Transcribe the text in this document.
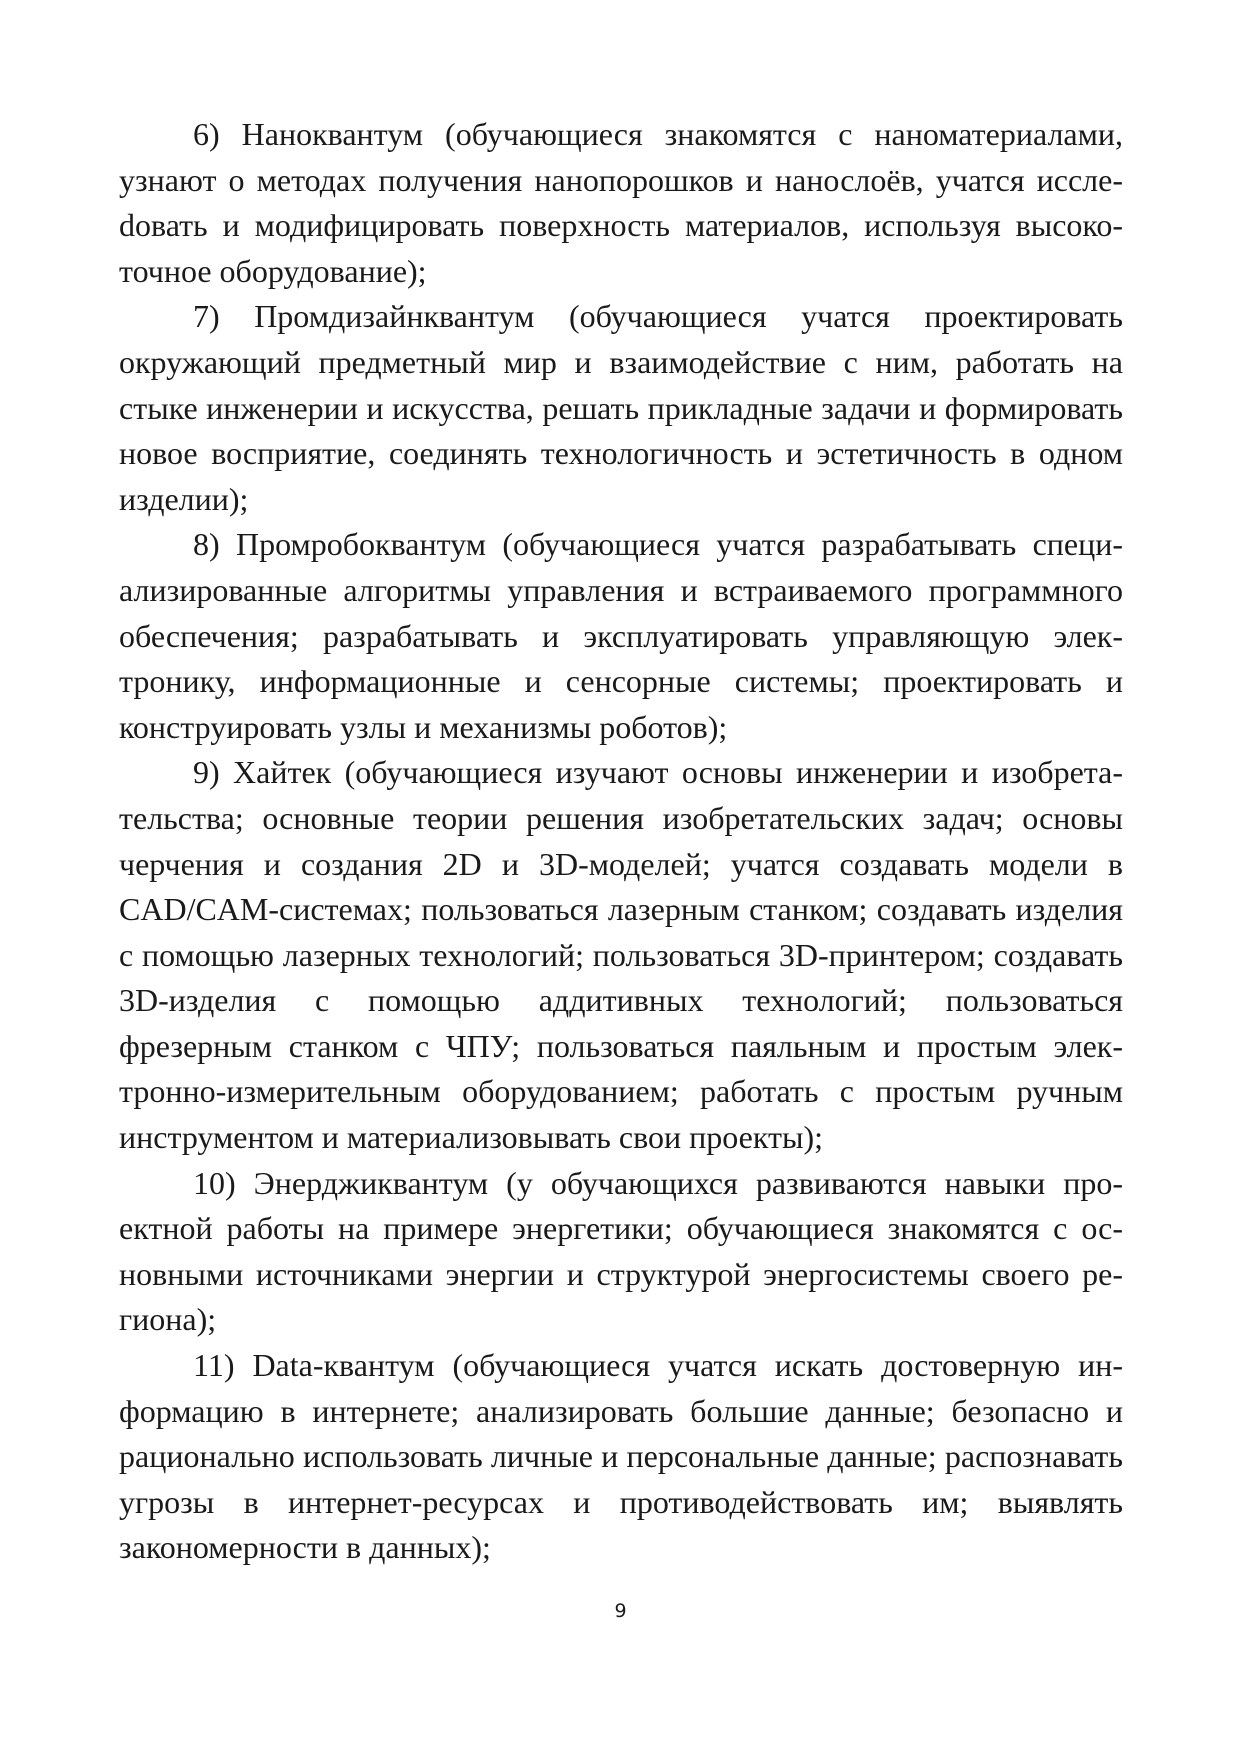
6) Наноквантум (обучающиеся знакомятся с наноматериалами, узнают о методах получения нанопорошков и нанослоёв, учатся исслеdовать и модифицировать поверхность материалов, используя высокоточное оборудование);

7) Промдизайнквантум (обучающиеся учатся проектировать окружающий предметный мир и взаимодействие с ним, работать на стыке инженерии и искусства, решать прикладные задачи и формировать новое восприятие, соединять технологичность и эстетичность в одном изделии);

8) Промробоквантум (обучающиеся учатся разрабатывать специализированные алгоритмы управления и встраиваемого программного обеспечения; разрабатывать и эксплуатировать управляющую электронику, информационные и сенсорные системы; проектировать и конструировать узлы и механизмы роботов);

9) Хайтек (обучающиеся изучают основы инженерии и изобретательства; основные теории решения изобретательских задач; основы черчения и создания 2D и 3D-моделей; учатся создавать модели в CAD/CAM-системах; пользоваться лазерным станком; создавать изделия с помощью лазерных технологий; пользоваться 3D-принтером; создавать 3D-изделия с помощью аддитивных технологий; пользоваться фрезерным станком с ЧПУ; пользоваться паяльным и простым электронно-измерительным оборудованием; работать с простым ручным инструментом и материализовывать свои проекты);

10) Энерджиквантум (у обучающихся развиваются навыки проектной работы на примере энергетики; обучающиеся знакомятся с основными источниками энергии и структурой энергосистемы своего региона);

11) Data-квантум (обучающиеся учатся искать достоверную информацию в интернете; анализировать большие данные; безопасно и рационально использовать личные и персональные данные; распознавать угрозы в интернет-ресурсах и противодействовать им; выявлять закономерности в данных);

9
